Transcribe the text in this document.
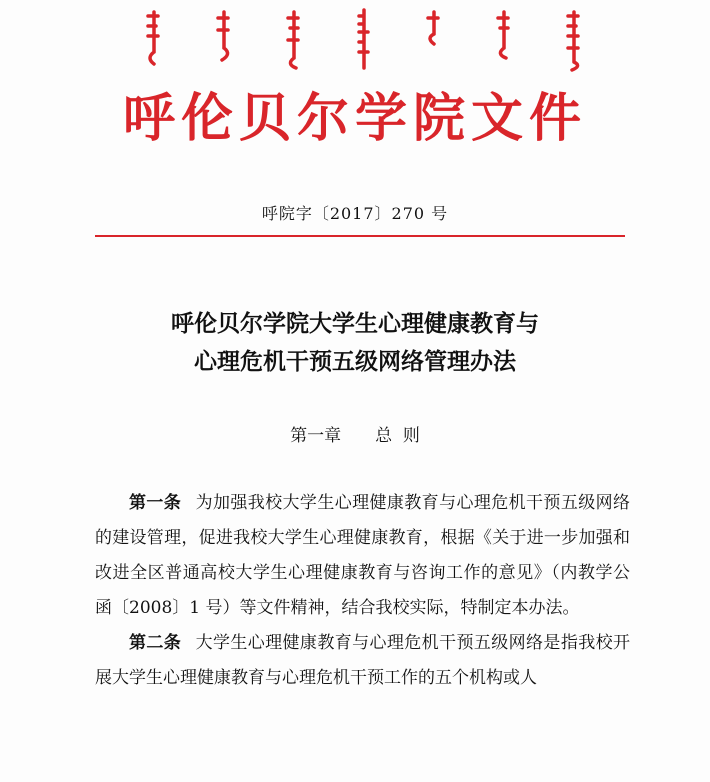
呼伦贝尔学院文件
呼院字〔2017〕270 号
呼伦贝尔学院大学生心理健康教育与
心理危机干预五级网络管理办法
第一章 总  则

第一条 为加强我校大学生心理健康教育与心理危机干预五级网络的建设管理，促进我校大学生心理健康教育，根据《关于进一步加强和改进全区普通高校大学生心理健康教育与咨询工作的意见》（内教学公函〔2008〕1 号）等文件精神，结合我校实际，特制定本办法。

第二条 大学生心理健康教育与心理危机干预五级网络是指我校开展大学生心理健康教育与心理危机干预工作的五个机构或人
